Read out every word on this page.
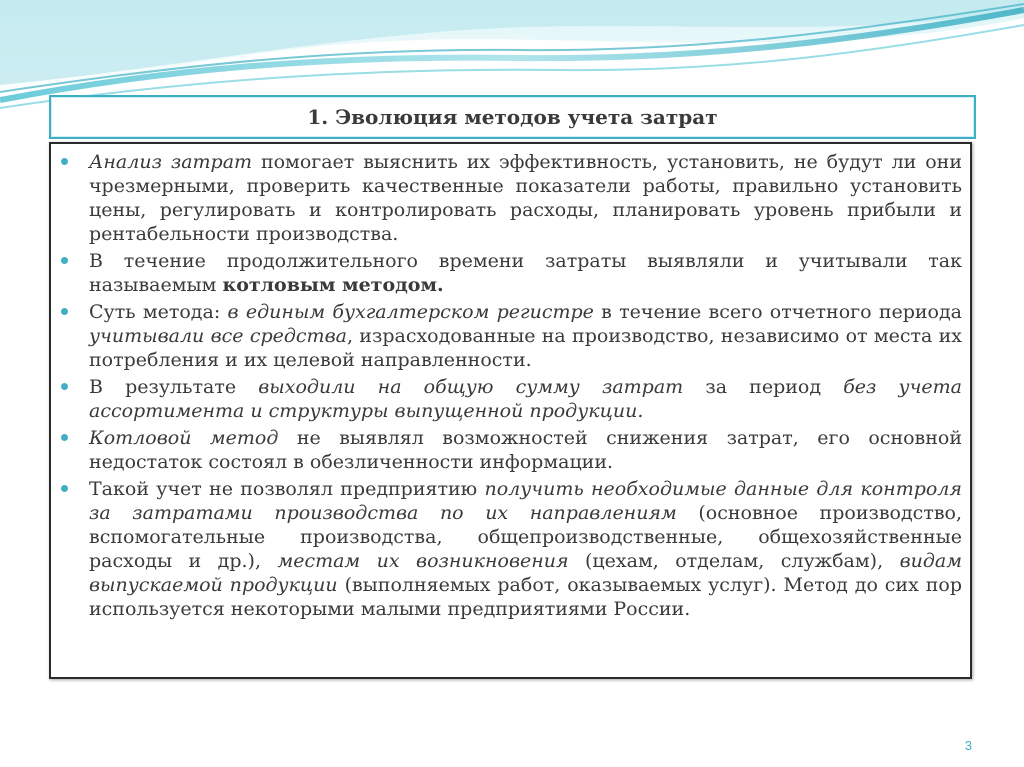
1. Эволюция методов учета затрат
Анализ затрат помогает выяснить их эффективность, установить, не будут ли они чрезмерными, проверить качественные показатели работы, правильно установить цены, регулировать и контролировать расходы, планировать уровень прибыли и рентабельности производства.
В течение продолжительного времени затраты выявляли и учитывали так называемым котловым методом.
Суть метода: в единым бухгалтерском регистре в течение всего отчетного периода учитывали все средства, израсходованные на производство, независимо от места их потребления и их целевой направленности.
В результате выходили на общую сумму затрат за период без учета ассортимента и структуры выпущенной продукции.
Котловой метод не выявлял возможностей снижения затрат, его основной недостаток состоял в обезличенности информации.
Такой учет не позволял предприятию получить необходимые данные для контроля за затратами производства по их направлениям (основное производство, вспомогательные производства, общепроизводственные, общехозяйственные расходы и др.), местам их возникновения (цехам, отделам, службам), видам выпускаемой продукции (выполняемых работ, оказываемых услуг). Метод до сих пор используется некоторыми малыми предприятиями России.
3
